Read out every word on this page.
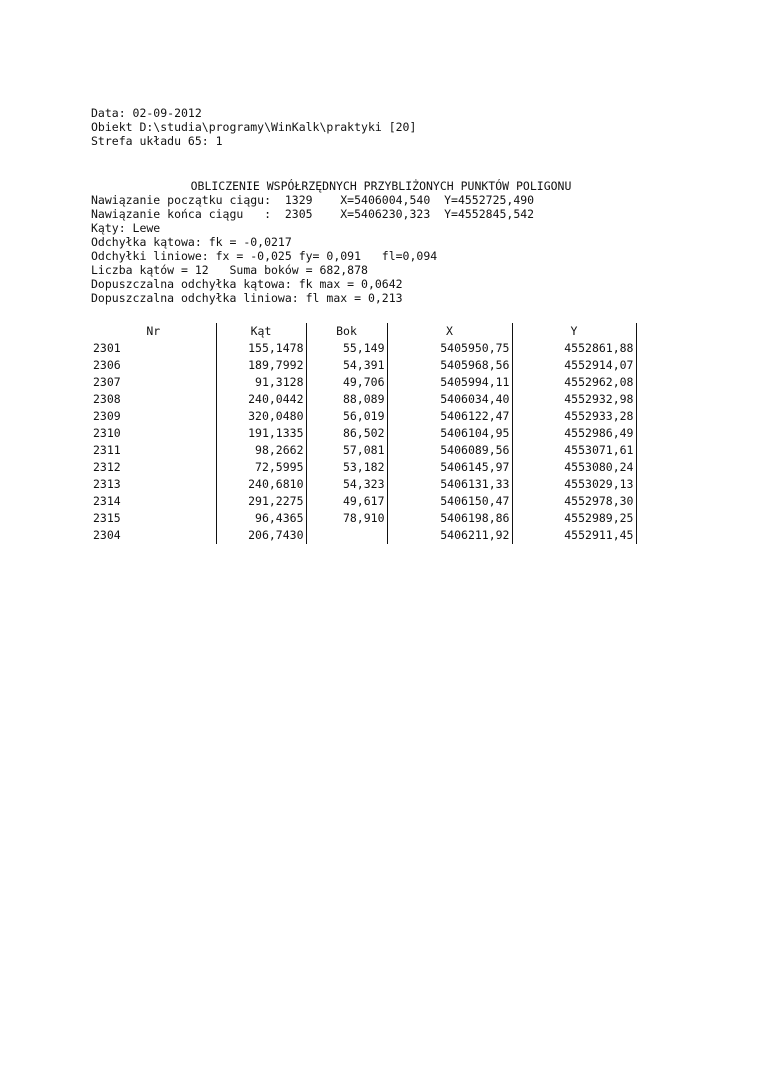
Data: 02-09-2012
Obiekt D:\studia\programy\WinKalk\praktyki [20]
Strefa układu 65: 1
OBLICZENIE WSPÓŁRZĘDNYCH PRZYBLIŻONYCH PUNKTÓW POLIGONU
Nawiązanie początku ciągu:  1329    X=5406004,540  Y=4552725,490
Nawiązanie końca ciągu   :  2305    X=5406230,323  Y=4552845,542
Kąty: Lewe
Odchyłka kątowa: fk = -0,0217
Odchyłki liniowe: fx = -0,025 fy= 0,091   fl=0,094
Liczba kątów = 12   Suma boków = 682,878
Dopuszczalna odchyłka kątowa: fk max = 0,0642
Dopuszczalna odchyłka liniowa: fl max = 0,213
Nr	Kąt	Bok	X	Y
2301	155,1478	55,149	5405950,75	4552861,88
2306	189,7992	54,391	5405968,56	4552914,07
2307	91,3128	49,706	5405994,11	4552962,08
2308	240,0442	88,089	5406034,40	4552932,98
2309	320,0480	56,019	5406122,47	4552933,28
2310	191,1335	86,502	5406104,95	4552986,49
2311	98,2662	57,081	5406089,56	4553071,61
2312	72,5995	53,182	5406145,97	4553080,24
2313	240,6810	54,323	5406131,33	4553029,13
2314	291,2275	49,617	5406150,47	4552978,30
2315	96,4365	78,910	5406198,86	4552989,25
2304	206,7430		5406211,92	4552911,45
